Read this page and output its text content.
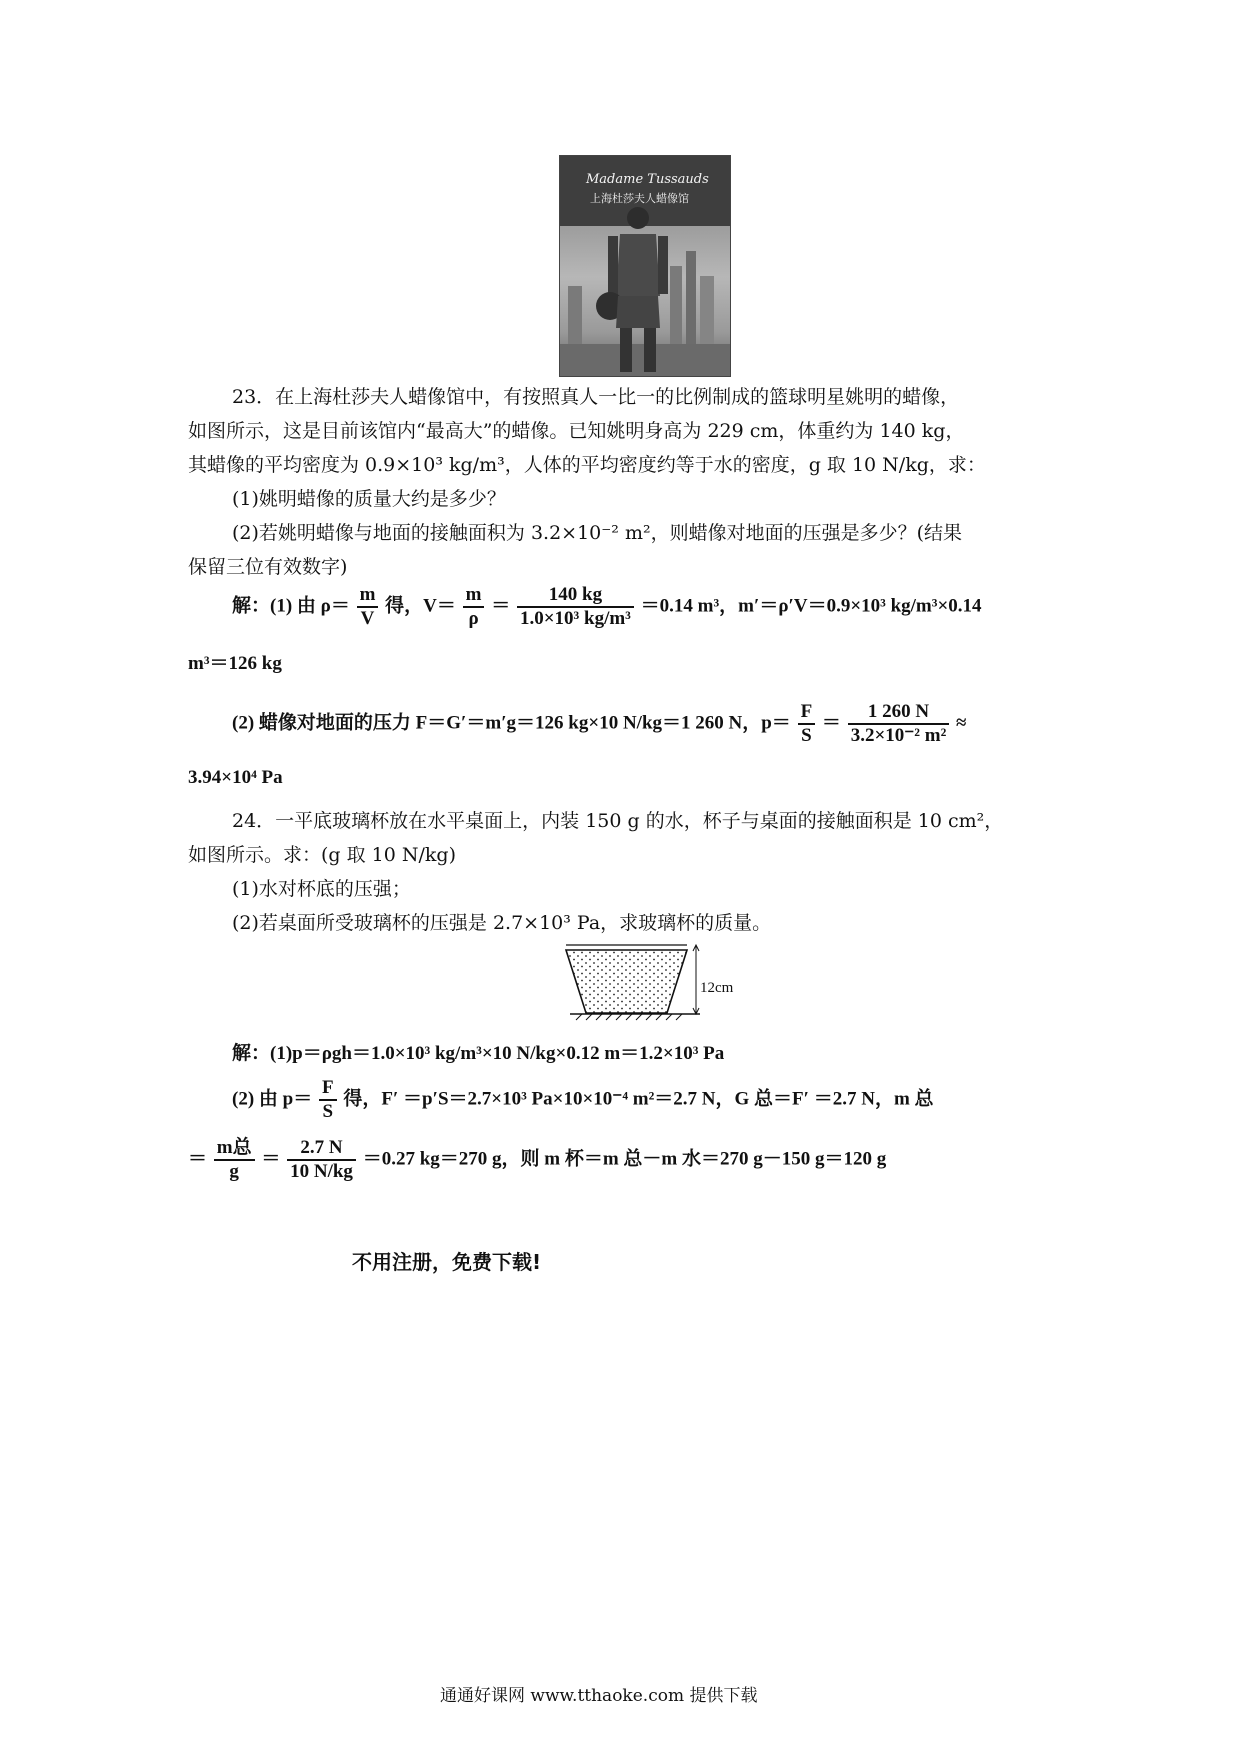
Madame Tussauds
上海杜莎夫人蜡像馆

23．在上海杜莎夫人蜡像馆中，有按照真人一比一的比例制成的篮球明星姚明的蜡像，

如图所示，这是目前该馆内“最高大”的蜡像。已知姚明身高为 229 cm，体重约为 140 kg，

其蜡像的平均密度为 0.9×10³ kg/m³，人体的平均密度约等于水的密度，g 取 10 N/kg，求：

(1)姚明蜡像的质量大约是多少？

(2)若姚明蜡像与地面的接触面积为 3.2×10⁻² m²，则蜡像对地面的压强是多少？(结果

保留三位有效数字)

解：(1) 由 $\rho= \frac{m}{V}$ 得，$V= \frac{m}{\rho} = \frac{140 kg}{\text{1.0×10³ kg/m³}} =0.14$ m³，m′＝ρ′V＝0.9×10³ kg/m³×0.14
m³＝126 kg
(2) 蜡像对地面的压力 F＝G′＝m′g＝126 kg×10 N/kg＝1 260 N，$p= \frac{F}{S} = \frac{1 260 N}{\text{3.2×10⁻² m²}}$ ≈
3.94×10⁴ Pa

24．一平底玻璃杯放在水平桌面上，内装 150 g 的水，杯子与桌面的接触面积是 10 cm²，

如图所示。求：(g 取 10 N/kg)

(1)水对杯底的压强；

(2)若桌面所受玻璃杯的压强是 2.7×10³ Pa，求玻璃杯的质量。

12cm
解：(1)p＝ρgh＝1.0×10³ kg/m³×10 N/kg×0.12 m＝1.2×10³ Pa
(2) 由 $p= \frac{F}{S}$ 得，F′ ＝p′S＝2.7×10³ Pa×10×10⁻⁴ m²＝2.7 N，G 总＝F′ ＝2.7 N，m 总
＝ $\frac{\text{m总}}{g} = \frac{2.7 N}{10 N/kg} =0.27$ kg＝270 g，则 m 杯＝m 总－m 水＝270 g－150 g＝120 g
不用注册，免费下载!
通通好课网 www.tthaoke.com 提供下载
